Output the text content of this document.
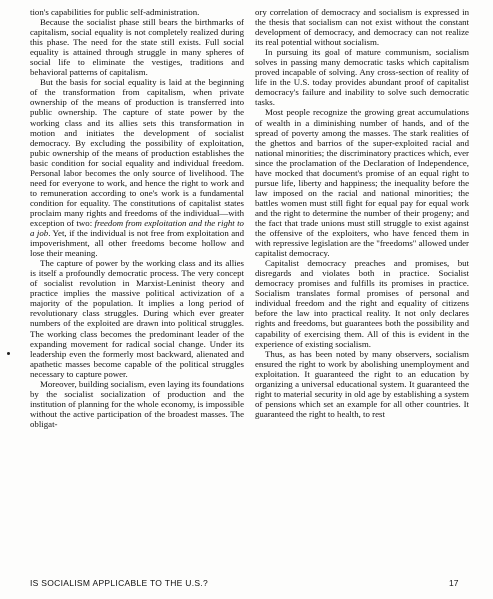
tion's capabilities for public self-administration.

Because the socialist phase still bears the birthmarks of capitalism, social equality is not completely realized during this phase. The need for the state still exists. Full social equality is attained through struggle in many spheres of social life to eliminate the vestiges, traditions and behavioral patterns of capitalism.

But the basis for social equality is laid at the beginning of the transformation from capitalism, when private ownership of the means of production is transferred into public ownership. The capture of state power by the working class and its allies sets this transformation in motion and initiates the development of socialist democracy. By excluding the possibility of exploitation, pubic ownership of the means of production establishes the basic condition for social equality and individual freedom. Personal labor becomes the only source of livelihood. The need for everyone to work, and hence the right to work and to remuneration according to one's work is a fundamental condition for equality. The constitutions of capitalist states proclaim many rights and freedoms of the individual—with exception of two: freedom from exploitation and the right to a job. Yet, if the individual is not free from exploitation and impoverishment, all other freedoms become hollow and lose their meaning.

The capture of power by the working class and its allies is itself a profoundly democratic process. The very concept of socialist revolution in Marxist-Leninist theory and practice implies the massive political activization of a majority of the population. It implies a long period of revolutionary class struggles. During which ever greater numbers of the exploited are drawn into political struggles. The working class becomes the predominant leader of the expanding movement for radical social change. Under its leadership even the formerly most backward, alienated and apathetic masses become capable of the political struggles necessary to capture power.

Moreover, building socialism, even laying its foundations by the socialist socialization of production and the institution of planning for the whole economy, is impossible without the active participation of the broadest masses. The obligat-

ory correlation of democracy and socialism is expressed in the thesis that socialism can not exist without the constant development of democracy, and democracy can not realize its real potential without socialism.

In pursuing its goal of mature communism, socialism solves in passing many democratic tasks which capitalism proved incapable of solving. Any cross-section of reality of life in the U.S. today provides abundant proof of capitalist democracy's failure and inability to solve such democratic tasks.

Most people recognize the growing great accumulations of wealth in a diminishing number of hands, and of the spread of poverty among the masses. The stark realities of the ghettos and barrios of the super-exploited racial and national minorities; the discriminatory practices which, ever since the proclamation of the Declaration of Independence, have mocked that document's promise of an equal right to pursue life, liberty and happiness; the inequality before the law imposed on the racial and national minorities; the battles women must still fight for equal pay for equal work and the right to determine the number of their progeny; and the fact that trade unions must still struggle to exist against the offensive of the exploiters, who have fenced them in with repressive legislation are the "freedoms" allowed under capitalist democracy.

Capitalist democracy preaches and promises, but disregards and violates both in practice. Socialist democracy promises and fulfills its promises in practice. Socialism translates formal promises of personal and individual freedom and the right and equality of citizens before the law into practical reality. It not only declares rights and freedoms, but guarantees both the possibility and capability of exercising them. All of this is evident in the experience of existing socialism.

Thus, as has been noted by many observers, socialism ensured the right to work by abolishing unemployment and exploitation. It guaranteed the right to an education by organizing a universal educational system. It guaranteed the right to material security in old age by establishing a system of pensions which set an example for all other countries. It guaranteed the right to health, to rest

IS SOCIALISM APPLICABLE TO THE U.S.?	17
